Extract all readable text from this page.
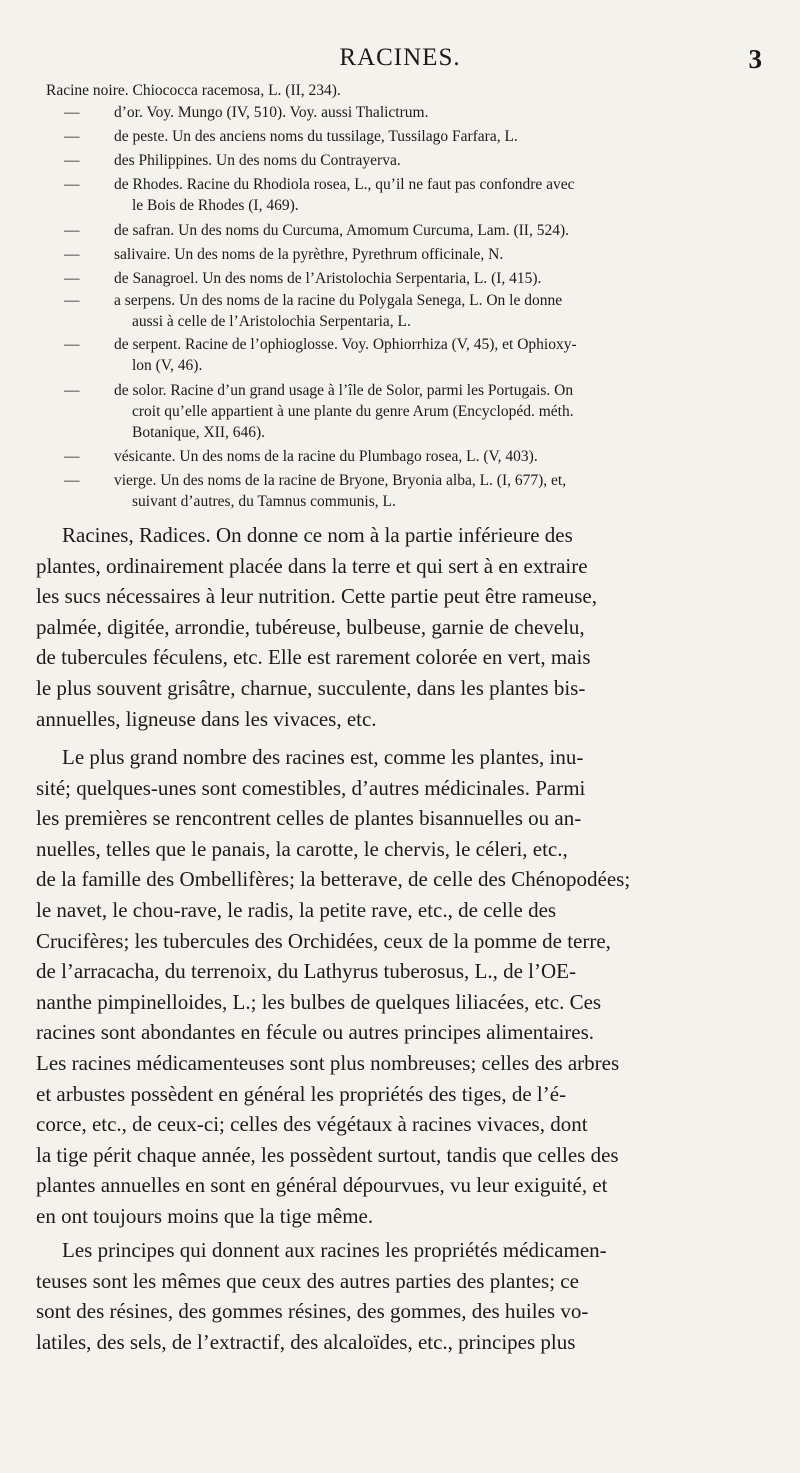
RACINES.	3
Racine noire. Chiococca racemosa, L. (II, 234).
— d’or. Voy. Mungo (IV, 510). Voy. aussi Thalictrum.
— de peste. Un des anciens noms du tussilage, Tussilago Farfara, L.
— des Philippines. Un des noms du Contrayerva.
— de Rhodes. Racine du Rhodiola rosea, L., qu’il ne faut pas confondre avec
le Bois de Rhodes (I, 469).
— de safran. Un des noms du Curcuma, Amomum Curcuma, Lam. (II, 524).
— salivaire. Un des noms de la pyrèthre, Pyrethrum officinale, N.
— de Sanagroel. Un des noms de l’Aristolochia Serpentaria, L. (I, 415).
— a serpens. Un des noms de la racine du Polygala Senega, L. On le donne
aussi à celle de l’Aristolochia Serpentaria, L.
— de serpent. Racine de l’ophioglosse. Voy. Ophiorrhiza (V, 45), et Ophioxy-
lon (V, 46).
— de solor. Racine d’un grand usage à l’île de Solor, parmi les Portugais. On
croit qu’elle appartient à une plante du genre Arum (Encyclopéd. méth.
Botanique, XII, 646).
— vésicante. Un des noms de la racine du Plumbago rosea, L. (V, 403).
— vierge. Un des noms de la racine de Bryone, Bryonia alba, L. (I, 677), et,
suivant d’autres, du Tamnus communis, L.
Racines, Radices. On donne ce nom à la partie inférieure des
plantes, ordinairement placée dans la terre et qui sert à en extraire
les sucs nécessaires à leur nutrition. Cette partie peut être rameuse,
palmée, digitée, arrondie, tubéreuse, bulbeuse, garnie de chevelu,
de tubercules féculens, etc. Elle est rarement colorée en vert, mais
le plus souvent grisâtre, charnue, succulente, dans les plantes bis-
annuelles, ligneuse dans les vivaces, etc.
Le plus grand nombre des racines est, comme les plantes, inu-
sité; quelques-unes sont comestibles, d’autres médicinales. Parmi
les premières se rencontrent celles de plantes bisannuelles ou an-
nuelles, telles que le panais, la carotte, le chervis, le céleri, etc.,
de la famille des Ombellifères; la betterave, de celle des Chénopodées;
le navet, le chou-rave, le radis, la petite rave, etc., de celle des
Crucifères; les tubercules des Orchidées, ceux de la pomme de terre,
de l’arracacha, du terrenoix, du Lathyrus tuberosus, L., de l’OE-
nanthe pimpinelloides, L.; les bulbes de quelques liliacées, etc. Ces
racines sont abondantes en fécule ou autres principes alimentaires.
Les racines médicamenteuses sont plus nombreuses; celles des arbres
et arbustes possèdent en général les propriétés des tiges, de l’é-
corce, etc., de ceux-ci; celles des végétaux à racines vivaces, dont
la tige périt chaque année, les possèdent surtout, tandis que celles des
plantes annuelles en sont en général dépourvues, vu leur exiguité, et
en ont toujours moins que la tige même.
Les principes qui donnent aux racines les propriétés médicamen-
teuses sont les mêmes que ceux des autres parties des plantes; ce
sont des résines, des gommes résines, des gommes, des huiles vo-
latiles, des sels, de l’extractif, des alcaloïdes, etc., principes plus
